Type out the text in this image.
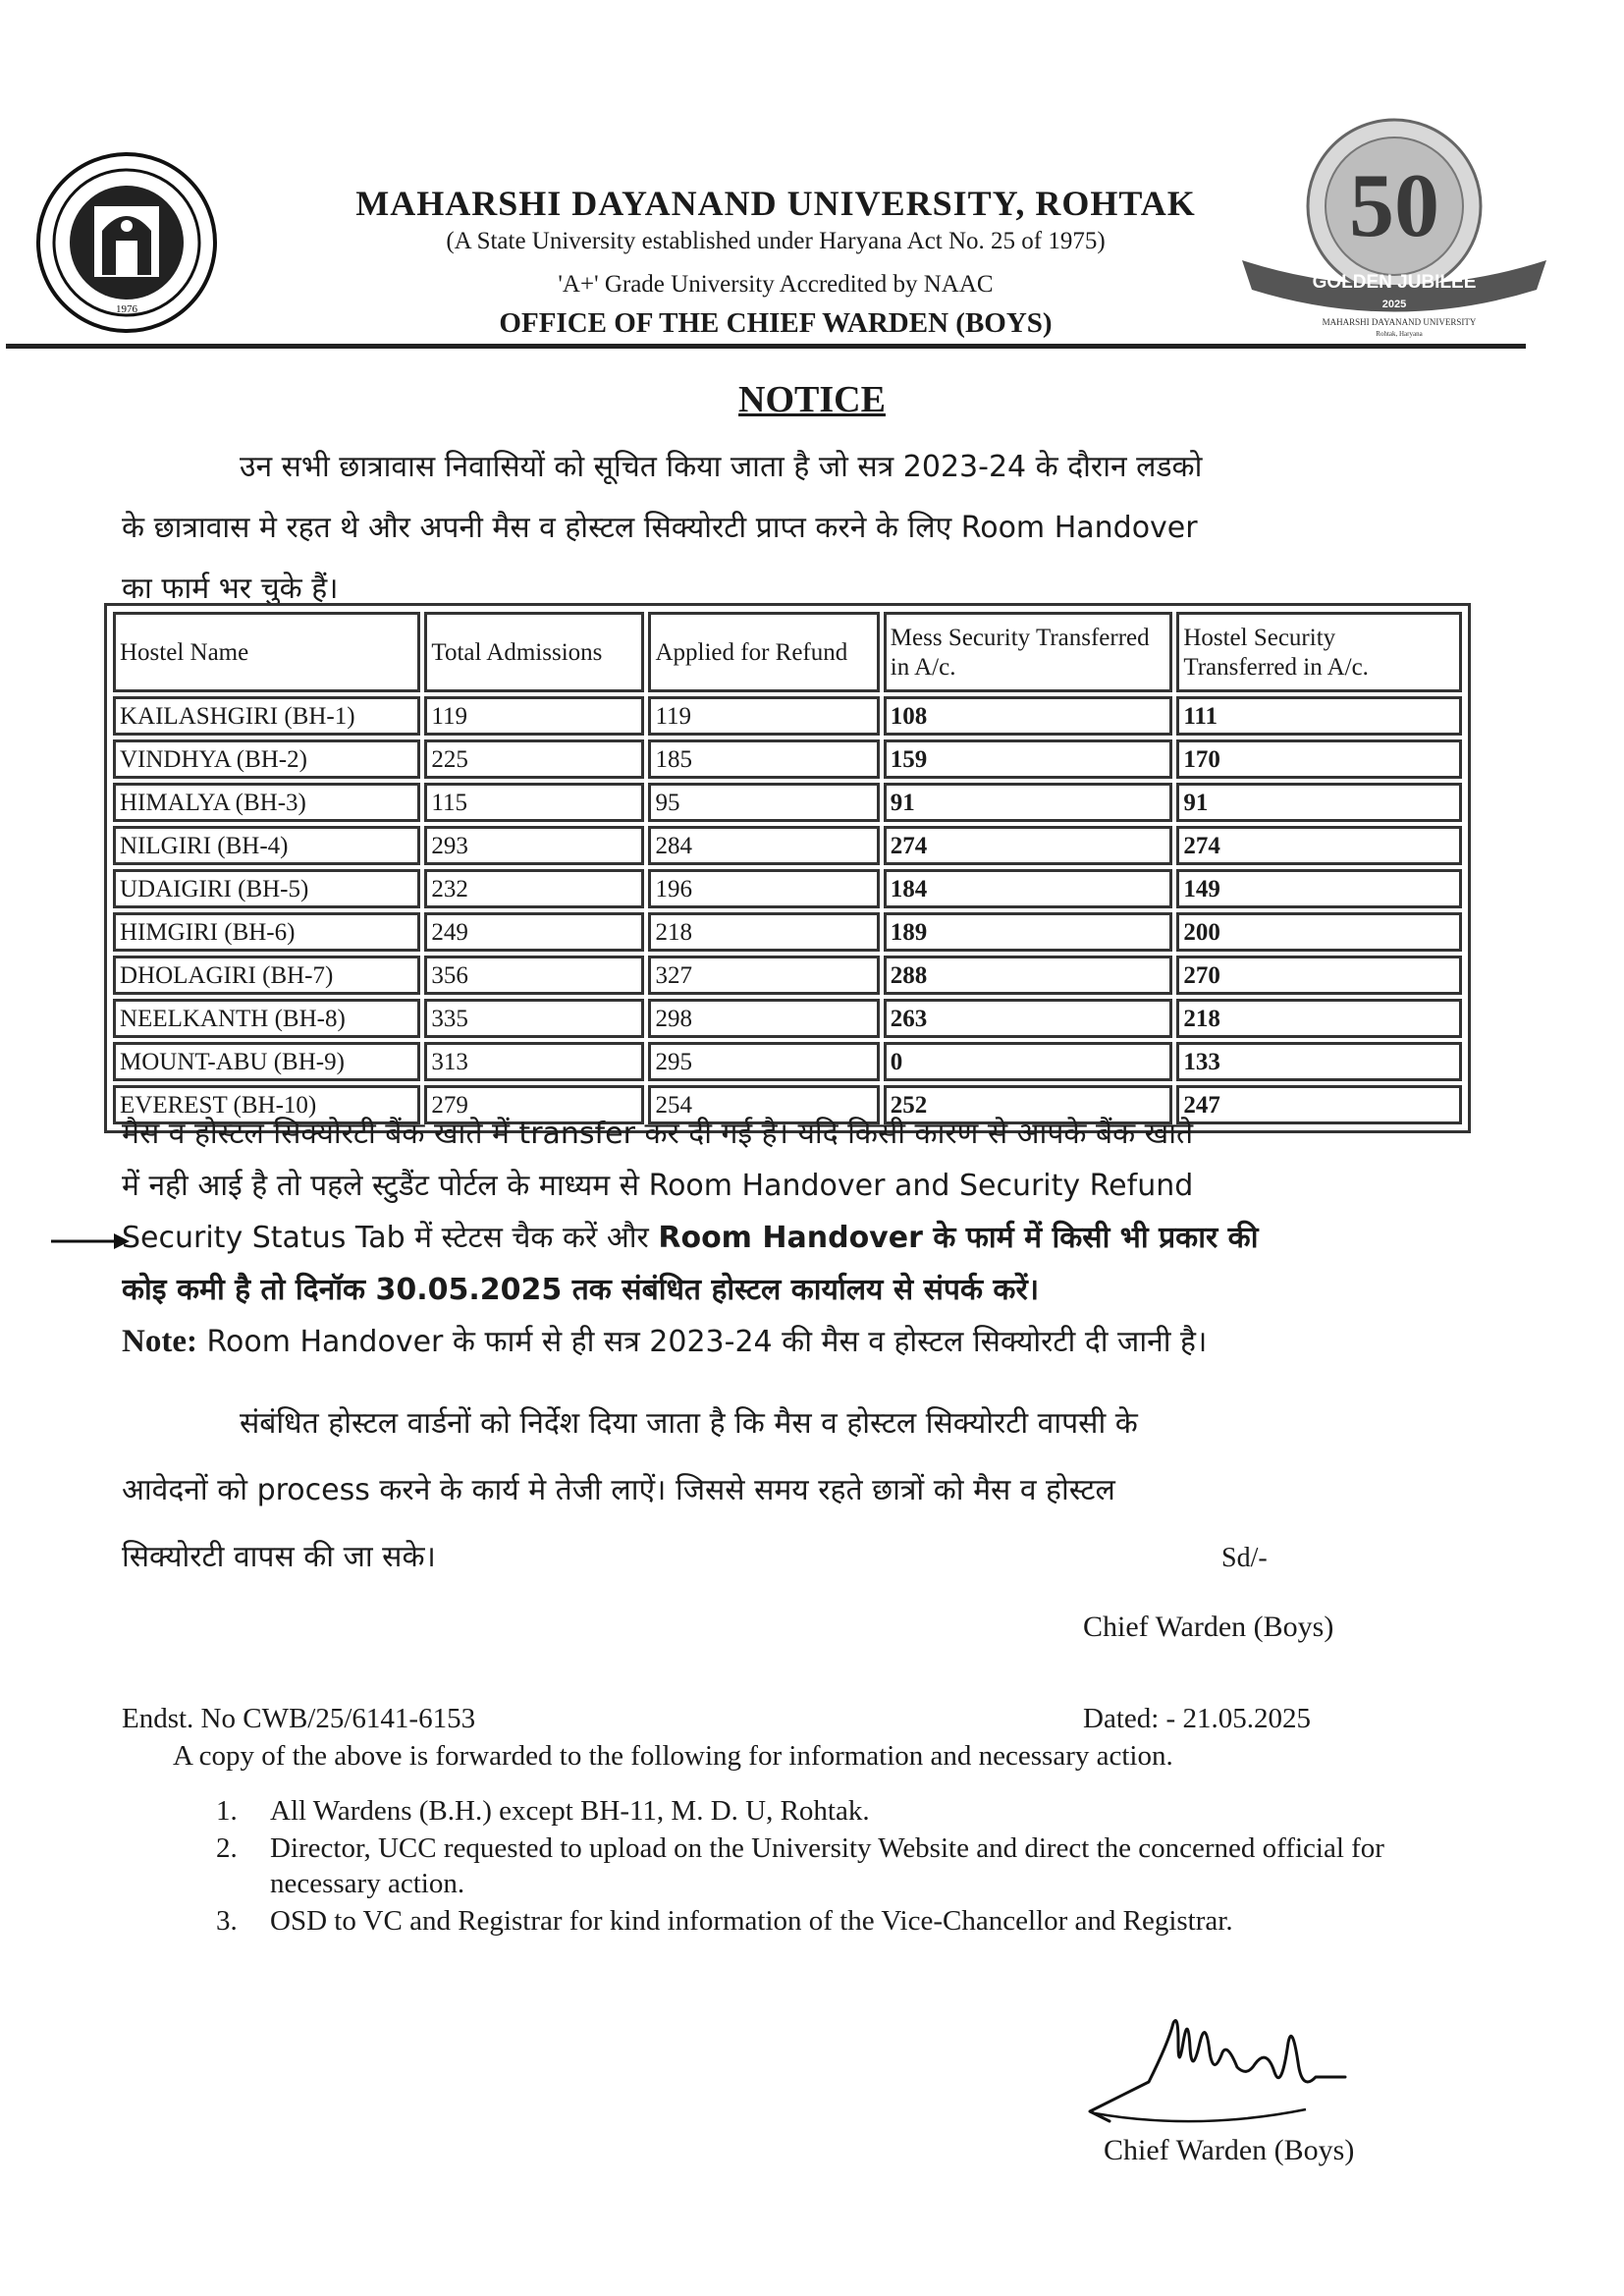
1976
50
GOLDEN JUBILEE
2025
MAHARSHI DAYANAND UNIVERSITY
Rohtak, Haryana
MAHARSHI DAYANAND UNIVERSITY, ROHTAK
(A State University established under Haryana Act No. 25 of 1975)
'A+' Grade University Accredited by NAAC
OFFICE OF THE CHIEF WARDEN (BOYS)
NOTICE
उन सभी छात्रावास निवासियों को सूचित किया जाता है जो सत्र 2023-24 के दौरान लडको
के छात्रावास मे रहत थे और अपनी मैस व होस्टल सिक्योरटी प्राप्त करने के लिए Room Handover
का फार्म भर चुके हैं।
Hostel Name	Total Admissions	Applied for Refund	Mess Security Transferred in A/c.	Hostel Security Transferred in A/c.
KAILASHGIRI (BH-1)	119	119	108	111
VINDHYA (BH-2)	225	185	159	170
HIMALYA (BH-3)	115	95	91	91
NILGIRI (BH-4)	293	284	274	274
UDAIGIRI (BH-5)	232	196	184	149
HIMGIRI (BH-6)	249	218	189	200
DHOLAGIRI (BH-7)	356	327	288	270
NEELKANTH (BH-8)	335	298	263	218
MOUNT-ABU (BH-9)	313	295	0	133
EVEREST (BH-10)	279	254	252	247
मैस व होस्टल सिक्योरटी बैंक खाते में transfer कर दी गई है। यदि किसी कारण से आपके बैंक खाते
में नही आई है तो पहले स्टुडैंट पोर्टल के माध्यम से Room Handover and Security Refund
Security Status Tab में स्टेटस चैक करें और Room Handover के फार्म में किसी भी प्रकार की
कोइ कमी है तो दिनॉक 30.05.2025 तक संबंधित होस्टल कार्यालय से संपर्क करें।
Note: Room Handover के फार्म से ही सत्र 2023-24 की मैस व होस्टल सिक्योरटी दी जानी है।
संबंधित होस्टल वार्डनों को निर्देश दिया जाता है कि मैस व होस्टल सिक्योरटी वापसी के
आवेदनों को process करने के कार्य मे तेजी लाऐं। जिससे समय रहते छात्रों को मैस व होस्टल
सिक्योरटी वापस की जा सके।	Sd/-
Chief Warden (Boys)
Endst. No CWB/25/6141-6153	Dated: - 21.05.2025
A copy of the above is forwarded to the following for information and necessary action.
1. All Wardens (B.H.) except BH-11, M. D. U, Rohtak.
2. Director, UCC requested to upload on the University Website and direct the concerned official for necessary action.
3. OSD to VC and Registrar for kind information of the Vice-Chancellor and Registrar.
Chief Warden (Boys)
